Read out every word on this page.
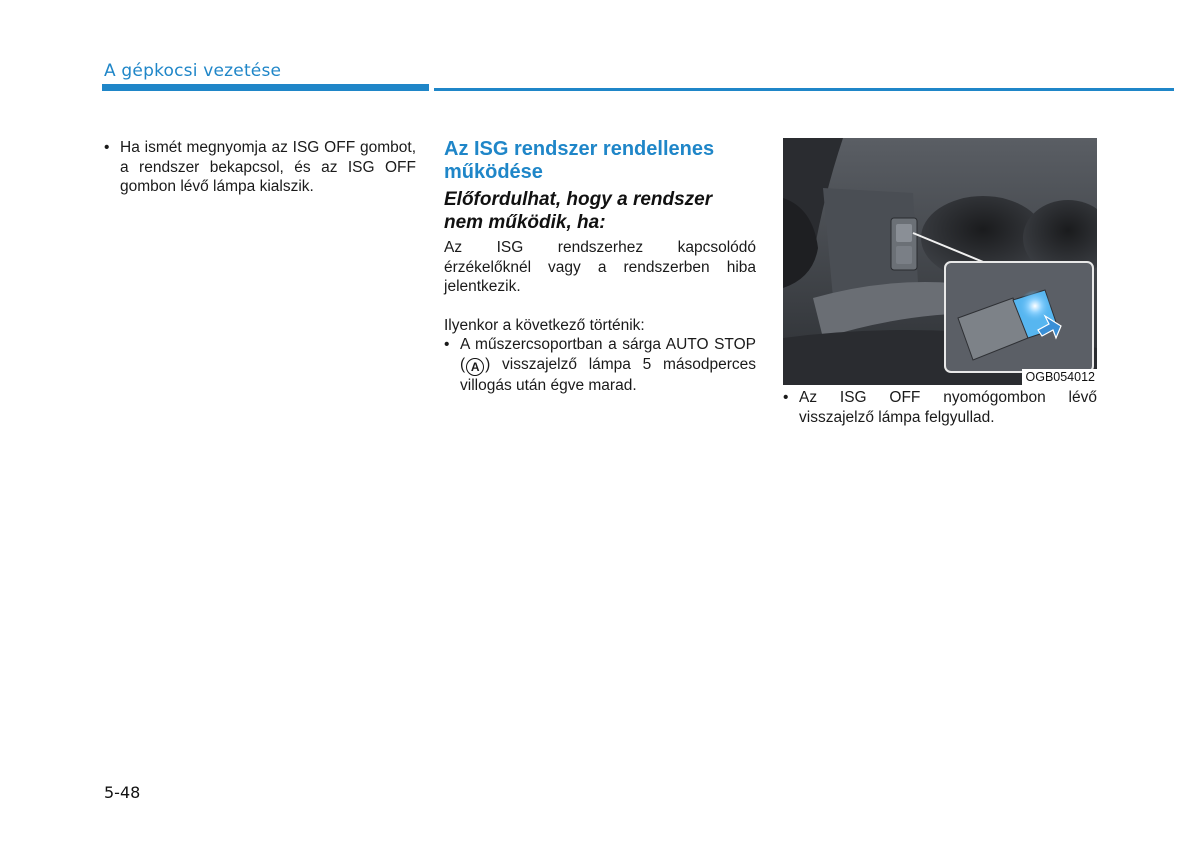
A gépkocsi vezetése

• Ha ismét megnyomja az ISG OFF gombot, a rendszer bekapcsol, és az ISG OFF gombon lévő lámpa kialszik.

Az ISG rendszer rendellenes működése
Előfordulhat, hogy a rendszer nem működik, ha:

Az ISG rendszerhez kapcsolódó érzékelőknél vagy a rendszerben hiba jelentkezik.

Ilyenkor a következő történik:

• A műszercsoportban a sárga AUTO STOP ( A ) visszajelző lámpa 5 másodperces villogás után égve marad.	OGB054012

• Az ISG OFF nyomógombon lévő visszajelző lámpa felgyullad.

5-48
